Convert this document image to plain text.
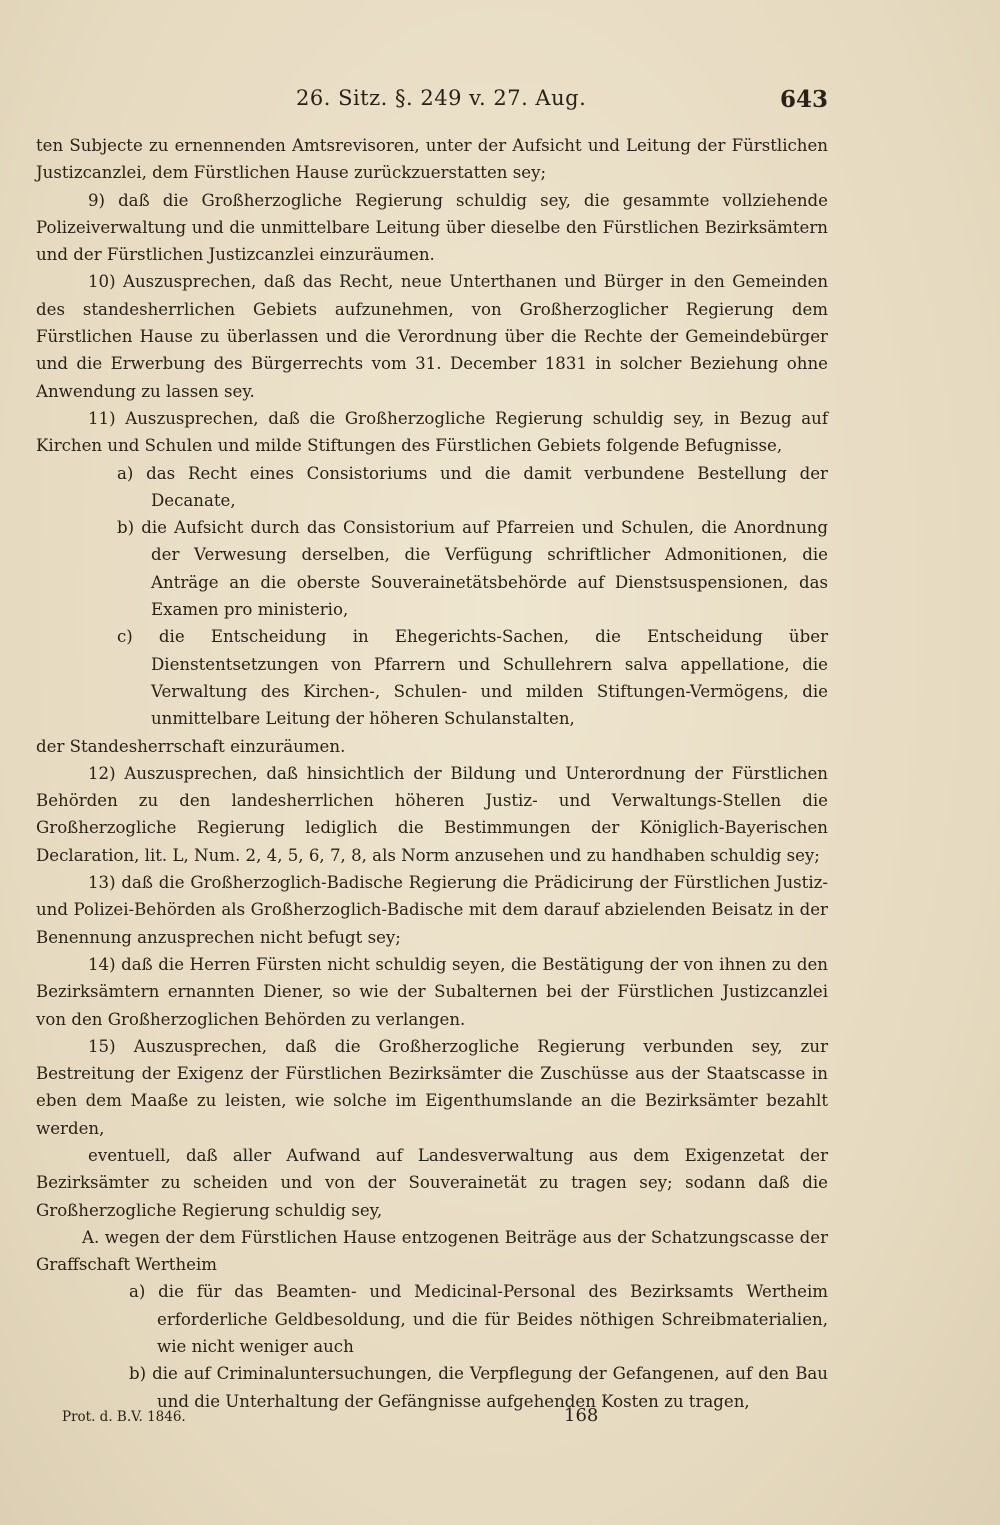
26. Sitz. §. 249 v. 27. Aug.	643

ten Subjecte zu ernennenden Amtsrevisoren, unter der Aufsicht und Leitung der Fürstlichen Justizcanzlei, dem Fürstlichen Hause zurückzuerstatten sey;

9) daß die Großherzogliche Regierung schuldig sey, die gesammte vollziehende Polizeiverwaltung und die unmittelbare Leitung über dieselbe den Fürstlichen Bezirksämtern und der Fürstlichen Justizcanzlei einzuräumen.

10) Auszusprechen, daß das Recht, neue Unterthanen und Bürger in den Gemeinden des standesherrlichen Gebiets aufzunehmen, von Großherzoglicher Regierung dem Fürstlichen Hause zu überlassen und die Verordnung über die Rechte der Gemeindebürger und die Erwerbung des Bürgerrechts vom 31. December 1831 in solcher Beziehung ohne Anwendung zu lassen sey.

11) Auszusprechen, daß die Großherzogliche Regierung schuldig sey, in Bezug auf Kirchen und Schulen und milde Stiftungen des Fürstlichen Gebiets folgende Befugnisse,

a) das Recht eines Consistoriums und die damit verbundene Bestellung der Decanate,

b) die Aufsicht durch das Consistorium auf Pfarreien und Schulen, die Anordnung der Verwesung derselben, die Verfügung schriftlicher Admonitionen, die Anträge an die oberste Souverainetätsbehörde auf Dienstsuspensionen, das Examen pro ministerio,

c) die Entscheidung in Ehegerichts-Sachen, die Entscheidung über Dienstentsetzungen von Pfarrern und Schullehrern salva appellatione, die Verwaltung des Kirchen-, Schulen- und milden Stiftungen-Vermögens, die unmittelbare Leitung der höheren Schulanstalten,

der Standesherrschaft einzuräumen.

12) Auszusprechen, daß hinsichtlich der Bildung und Unterordnung der Fürstlichen Behörden zu den landesherrlichen höheren Justiz- und Verwaltungs-Stellen die Großherzogliche Regierung lediglich die Bestimmungen der Königlich-Bayerischen Declaration, lit. L, Num. 2, 4, 5, 6, 7, 8, als Norm anzusehen und zu handhaben schuldig sey;

13) daß die Großherzoglich-Badische Regierung die Prädicirung der Fürstlichen Justiz- und Polizei-Behörden als Großherzoglich-Badische mit dem darauf abzielenden Beisatz in der Benennung anzusprechen nicht befugt sey;

14) daß die Herren Fürsten nicht schuldig seyen, die Bestätigung der von ihnen zu den Bezirksämtern ernannten Diener, so wie der Subalternen bei der Fürstlichen Justizcanzlei von den Großherzoglichen Behörden zu verlangen.

15) Auszusprechen, daß die Großherzogliche Regierung verbunden sey, zur Bestreitung der Exigenz der Fürstlichen Bezirksämter die Zuschüsse aus der Staatscasse in eben dem Maaße zu leisten, wie solche im Eigenthumslande an die Bezirksämter bezahlt werden,

eventuell, daß aller Aufwand auf Landesverwaltung aus dem Exigenzetat der Bezirksämter zu scheiden und von der Souverainetät zu tragen sey; sodann daß die Großherzogliche Regierung schuldig sey,

A. wegen der dem Fürstlichen Hause entzogenen Beiträge aus der Schatzungscasse der Graffschaft Wertheim

a) die für das Beamten- und Medicinal-Personal des Bezirksamts Wertheim erforderliche Geldbesoldung, und die für Beides nöthigen Schreibmaterialien, wie nicht weniger auch

b) die auf Criminaluntersuchungen, die Verpflegung der Gefangenen, auf den Bau und die Unterhaltung der Gefängnisse aufgehenden Kosten zu tragen,

Prot. d. B.V. 1846.	168
